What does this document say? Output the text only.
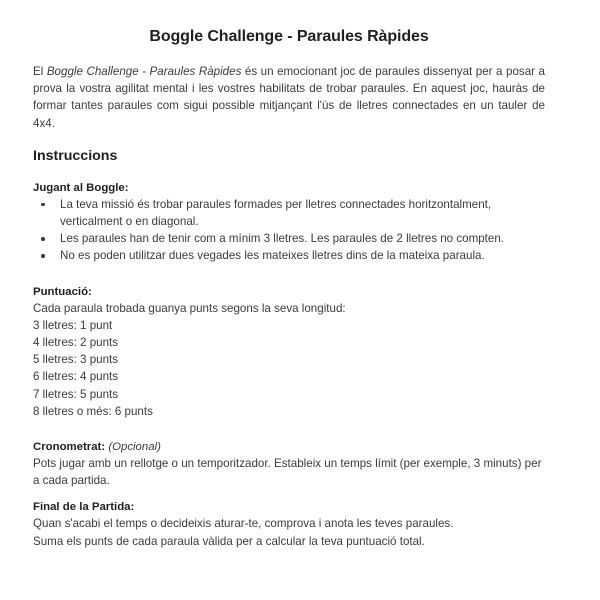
Boggle Challenge - Paraules Ràpides

El Boggle Challenge - Paraules Ràpides és un emocionant joc de paraules dissenyat per a posar a prova la vostra agilitat mental i les vostres habilitats de trobar paraules. En aquest joc, hauràs de formar tantes paraules com sigui possible mitjançant l'ús de lletres connectades en un tauler de 4x4.

Instruccions
Jugant al Boggle:
La teva missió és trobar paraules formades per lletres connectades horitzontalment, verticalment o en diagonal.
Les paraules han de tenir com a mínim 3 lletres. Les paraules de 2 lletres no compten.
No es poden utilitzar dues vegades les mateixes lletres dins de la mateixa paraula.
Puntuació:
Cada paraula trobada guanya punts segons la seva longitud:
3 lletres: 1 punt
4 lletres: 2 punts
5 lletres: 3 punts
6 lletres: 4 punts
7 lletres: 5 punts
8 lletres o més: 6 punts
Cronometrat: (Opcional)

Pots jugar amb un rellotge o un temporitzador. Estableix un temps límit (per exemple, 3 minuts) per a cada partida.

Final de la Partida:
Quan s'acabi el temps o decideixis aturar-te, comprova i anota les teves paraules.
Suma els punts de cada paraula vàlida per a calcular la teva puntuació total.
